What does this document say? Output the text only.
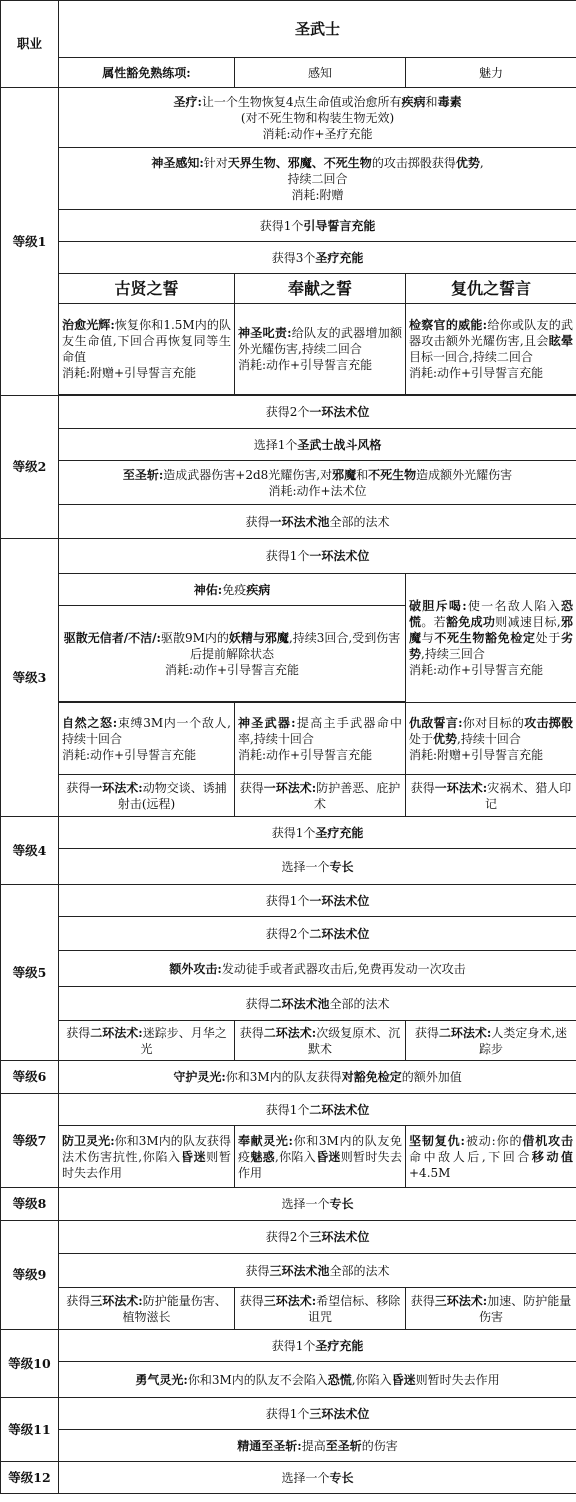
职业	圣武士		
	属性豁免熟练项:	感知	魅力
等级1	圣疗:让一个生物恢复4点生命值或治愈所有疾病和毒素
(对不死生物和构装生物无效)
消耗:动作+圣疗充能		
	神圣感知:针对天界生物、邪魔、不死生物的攻击掷骰获得优势,
持续二回合
消耗:附赠		
	获得1个引导誓言充能		
	获得3个圣疗充能		
	古贤之誓	奉献之誓	复仇之誓言
	治愈光辉:恢复你和1.5M内的队友生命值,下回合再恢复同等生命值
消耗:附赠+引导誓言充能	神圣叱责:给队友的武器增加额外光耀伤害,持续二回合
消耗:动作+引导誓言充能	检察官的威能:给你或队友的武器攻击额外光耀伤害,且会眩晕目标一回合,持续二回合
消耗:动作+引导誓言充能

等级2	获得2个一环法术位		
	选择1个圣武士战斗风格		
	至圣斩:造成武器伤害+2d8光耀伤害,对邪魔和不死生物造成额外光耀伤害
消耗:动作+法术位		
	获得一环法术池全部的法术		
等级3	获得1个一环法术位		
	神佑:免疫疾病		破胆斥喝:使一名敌人陷入恐慌。若豁免成功则减速目标,邪魔与不死生物豁免检定处于劣势,持续三回合
消耗:动作+引导誓言充能
	驱散无信者/不洁/:驱散9M内的妖精与邪魔,持续3回合,受到伤害后提前解除状态
消耗:动作+引导誓言充能		

	自然之怒:束缚3M内一个敌人,持续十回合
消耗:动作+引导誓言充能	神圣武器:提高主手武器命中率,持续十回合
消耗:动作+引导誓言充能	仇敌誓言:你对目标的攻击掷骰处于优势,持续十回合
消耗:附赠+引导誓言充能
	获得一环法术:动物交谈、诱捕射击(远程)	获得一环法术:防护善恶、庇护术	获得一环法术:灾祸术、猎人印记
等级4	获得1个圣疗充能		
	选择一个专长		
等级5	获得1个一环法术位		
	获得2个二环法术位		
	额外攻击:发动徒手或者武器攻击后,免费再发动一次攻击		
	获得二环法术池全部的法术		
	获得二环法术:迷踪步、月华之光	获得二环法术:次级复原术、沉默术	获得二环法术:人类定身术,迷踪步
等级6	守护灵光:你和3M内的队友获得对豁免检定的额外加值		
等级7	获得1个二环法术位		
	防卫灵光:你和3M内的队友获得法术伤害抗性,你陷入昏迷则暂时失去作用	奉献灵光:你和3M内的队友免疫魅惑,你陷入昏迷则暂时失去作用	坚韧复仇:被动:你的借机攻击命中敌人后,下回合移动值+4.5M
等级8	选择一个专长		
等级9	获得2个三环法术位		
	获得三环法术池全部的法术		
	获得三环法术:防护能量伤害、植物滋长	获得三环法术:希望信标、移除诅咒	获得三环法术:加速、防护能量伤害
等级10	获得1个圣疗充能		
	勇气灵光:你和3M内的队友不会陷入恐慌,你陷入昏迷则暂时失去作用		
等级11	获得1个三环法术位		
	精通至圣斩:提高至圣斩的伤害		
等级12	选择一个专长		
